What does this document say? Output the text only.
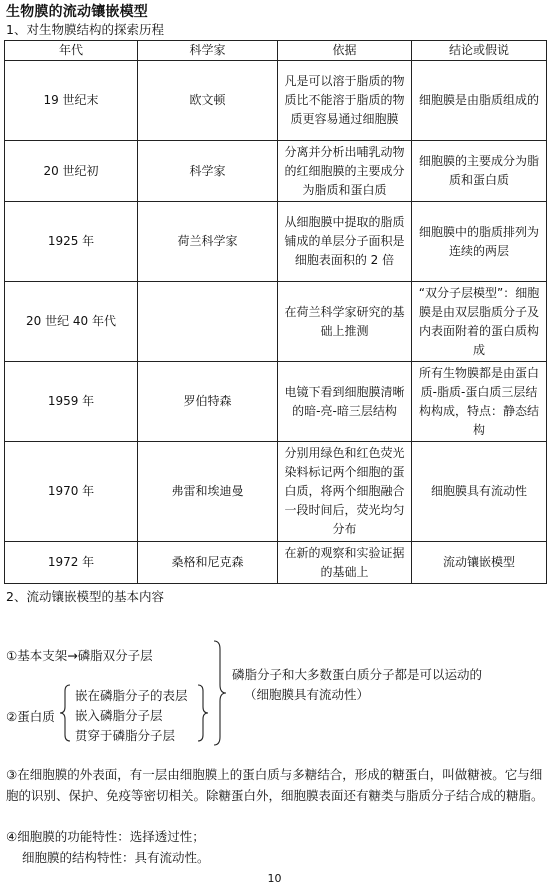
生物膜的流动镶嵌模型
1、对生物膜结构的探索历程
年代	科学家	依据	结论或假说
19 世纪末	欧文顿	凡是可以溶于脂质的物质比不能溶于脂质的物质更容易通过细胞膜	细胞膜是由脂质组成的
20 世纪初	科学家	分离并分析出哺乳动物的红细胞膜的主要成分为脂质和蛋白质	细胞膜的主要成分为脂质和蛋白质
1925 年	荷兰科学家	从细胞膜中提取的脂质铺成的单层分子面积是细胞表面积的 2 倍	细胞膜中的脂质排列为连续的两层
20 世纪 40 年代		在荷兰科学家研究的基础上推测	“双分子层模型”：细胞膜是由双层脂质分子及内表面附着的蛋白质构成
1959 年	罗伯特森	电镜下看到细胞膜清晰的暗-亮-暗三层结构	所有生物膜都是由蛋白质-脂质-蛋白质三层结构构成，特点：静态结构
1970 年	弗雷和埃迪曼	分别用绿色和红色荧光染料标记两个细胞的蛋白质，将两个细胞融合一段时间后，荧光均匀分布	细胞膜具有流动性
1972 年	桑格和尼克森	在新的观察和实验证据的基础上	流动镶嵌模型
2、流动镶嵌模型的基本内容
①基本支架→磷脂双分子层
②蛋白质
嵌在磷脂分子的表层
嵌入磷脂分子层
贯穿于磷脂分子层
磷脂分子和大多数蛋白质分子都是可以运动的
（细胞膜具有流动性）
③在细胞膜的外表面，有一层由细胞膜上的蛋白质与多糖结合，形成的糖蛋白，叫做糖被。它与细胞的识别、保护、免疫等密切相关。除糖蛋白外，细胞膜表面还有糖类与脂质分子结合成的糖脂。
④细胞膜的功能特性：选择透过性；
细胞膜的结构特性：具有流动性。
10
